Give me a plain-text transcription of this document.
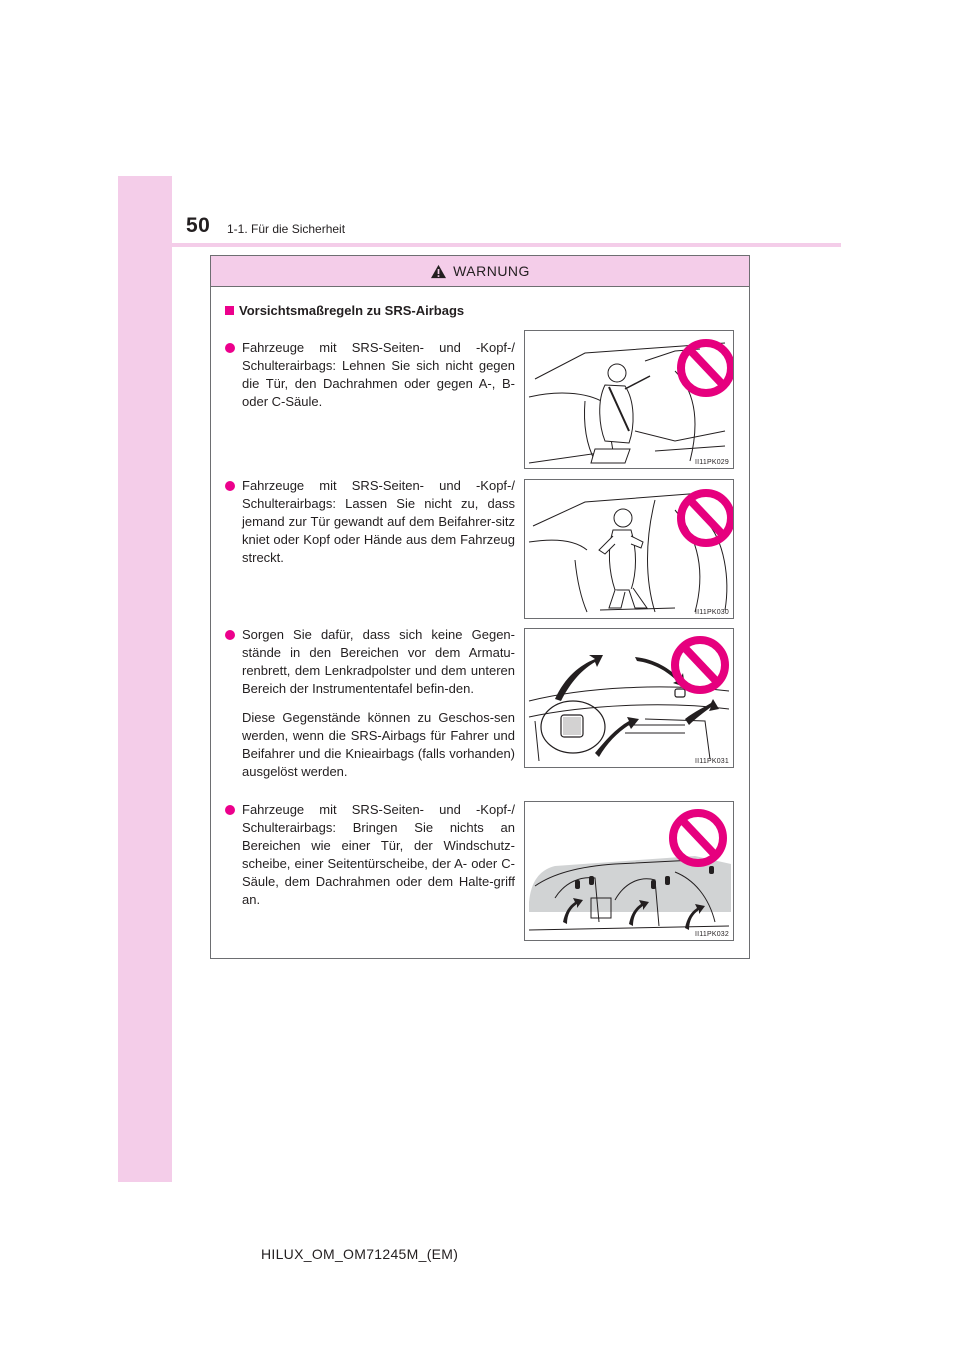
50 1-1. Für die Sicherheit
WARNUNG
Vorsichtsmaßregeln zu SRS-Airbags

Fahrzeuge mit SRS-Seiten- und -Kopf-/ Schulterairbags: Lehnen Sie sich nicht gegen die Tür, den Dachrahmen oder gegen A-, B- oder C-Säule.

II11PK029

Fahrzeuge mit SRS-Seiten- und -Kopf-/ Schulterairbags: Lassen Sie nicht zu, dass jemand zur Tür gewandt auf dem Beifahrer-sitz kniet oder Kopf oder Hände aus dem Fahrzeug streckt.

II11PK030

Sorgen Sie dafür, dass sich keine Gegen-stände in den Bereichen vor dem Armatu-renbrett, dem Lenkradpolster und dem unteren Bereich der Instrumententafel befin-den.

Diese Gegenstände können zu Geschos-sen werden, wenn die SRS-Airbags für Fahrer und Beifahrer und die Knieairbags (falls vorhanden) ausgelöst werden.

II11PK031

Fahrzeuge mit SRS-Seiten- und -Kopf-/ Schulterairbags: Bringen Sie nichts an Bereichen wie einer Tür, der Windschutz-scheibe, einer Seitentürscheibe, der A- oder C-Säule, dem Dachrahmen oder dem Halte-griff an.

II11PK032
HILUX_OM_OM71245M_(EM)
